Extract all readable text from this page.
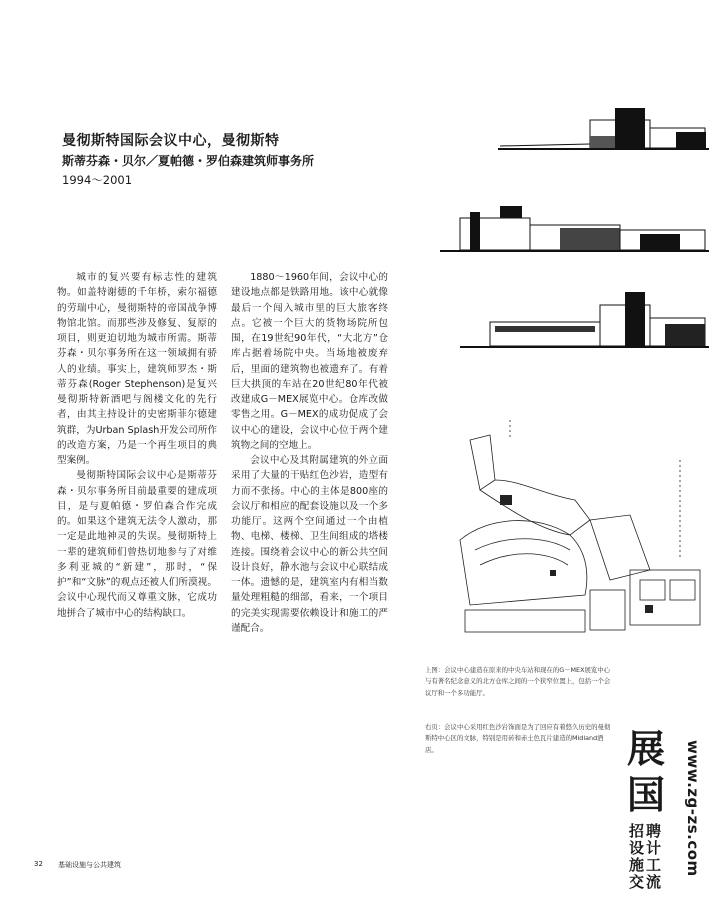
曼彻斯特国际会议中心，曼彻斯特
斯蒂芬森・贝尔／夏帕德・罗伯森建筑师事务所
1994～2001

城市的复兴要有标志性的建筑物。如盖特谢德的千年桥，索尔福德的劳瑞中心，曼彻斯特的帝国战争博物馆北馆。而那些涉及修复、复原的项目，则更迫切地为城市所需。斯蒂芬森・贝尔事务所在这一领域拥有骄人的业绩。事实上，建筑师罗杰・斯蒂芬森(Roger Stephenson)是复兴曼彻斯特新酒吧与阁楼文化的先行者，由其主持设计的史密斯菲尔德建筑群，为Urban Splash开发公司所作的改造方案，乃是一个再生项目的典型案例。

曼彻斯特国际会议中心是斯蒂芬森・贝尔事务所目前最重要的建成项目，是与夏帕德・罗伯森合作完成的。如果这个建筑无法令人激动，那一定是此地神灵的失误。曼彻斯特上一辈的建筑师们曾热切地参与了对维多利亚城的“新建”，那时，“保护”和“文脉”的观点还被人们所漠视。会议中心现代而又尊重文脉，它成功地拼合了城市中心的结构缺口。

1880～1960年间，会议中心的建设地点都是铁路用地。该中心就像最后一个闯入城市里的巨大旅客终点。它被一个巨大的货物场院所包围，在19世纪90年代，“大北方”仓库占据着场院中央。当场地被废弃后，里面的建筑物也被遗弃了。有着巨大拱顶的车站在20世纪80年代被改建成G－MEX展览中心。仓库改做零售之用。G－MEX的成功促成了会议中心的建设，会议中心位于两个建筑物之间的空地上。

会议中心及其附属建筑的外立面采用了大量的干贴红色沙岩，造型有力而不张扬。中心的主体是800座的会议厅和相应的配套设施以及一个多功能厅。这两个空间通过一个由植物、电梯、楼梯、卫生间组成的塔楼连接。围绕着会议中心的新公共空间设计良好，静水池与会议中心联结成一体。遗憾的是，建筑室内有相当数量处理粗糙的细部，看来，一个项目的完美实现需要依赖设计和施工的严谨配合。

上图：会议中心建造在原来的中央车站和现在的G－MEX展览中心与有著名纪念意义的北方仓库之间的一个狭窄位置上，包括一个会议厅和一个多功能厅。

右页：会议中心采用红色沙岩饰面是为了回应有着悠久历史的曼彻斯特中心区的文脉，特别是用砖和赤土色瓦片建造的Midland酒店。	展
国 www.zg-zs.com
招 聘
设 计
施 工
交 流
32 基础设施与公共建筑
